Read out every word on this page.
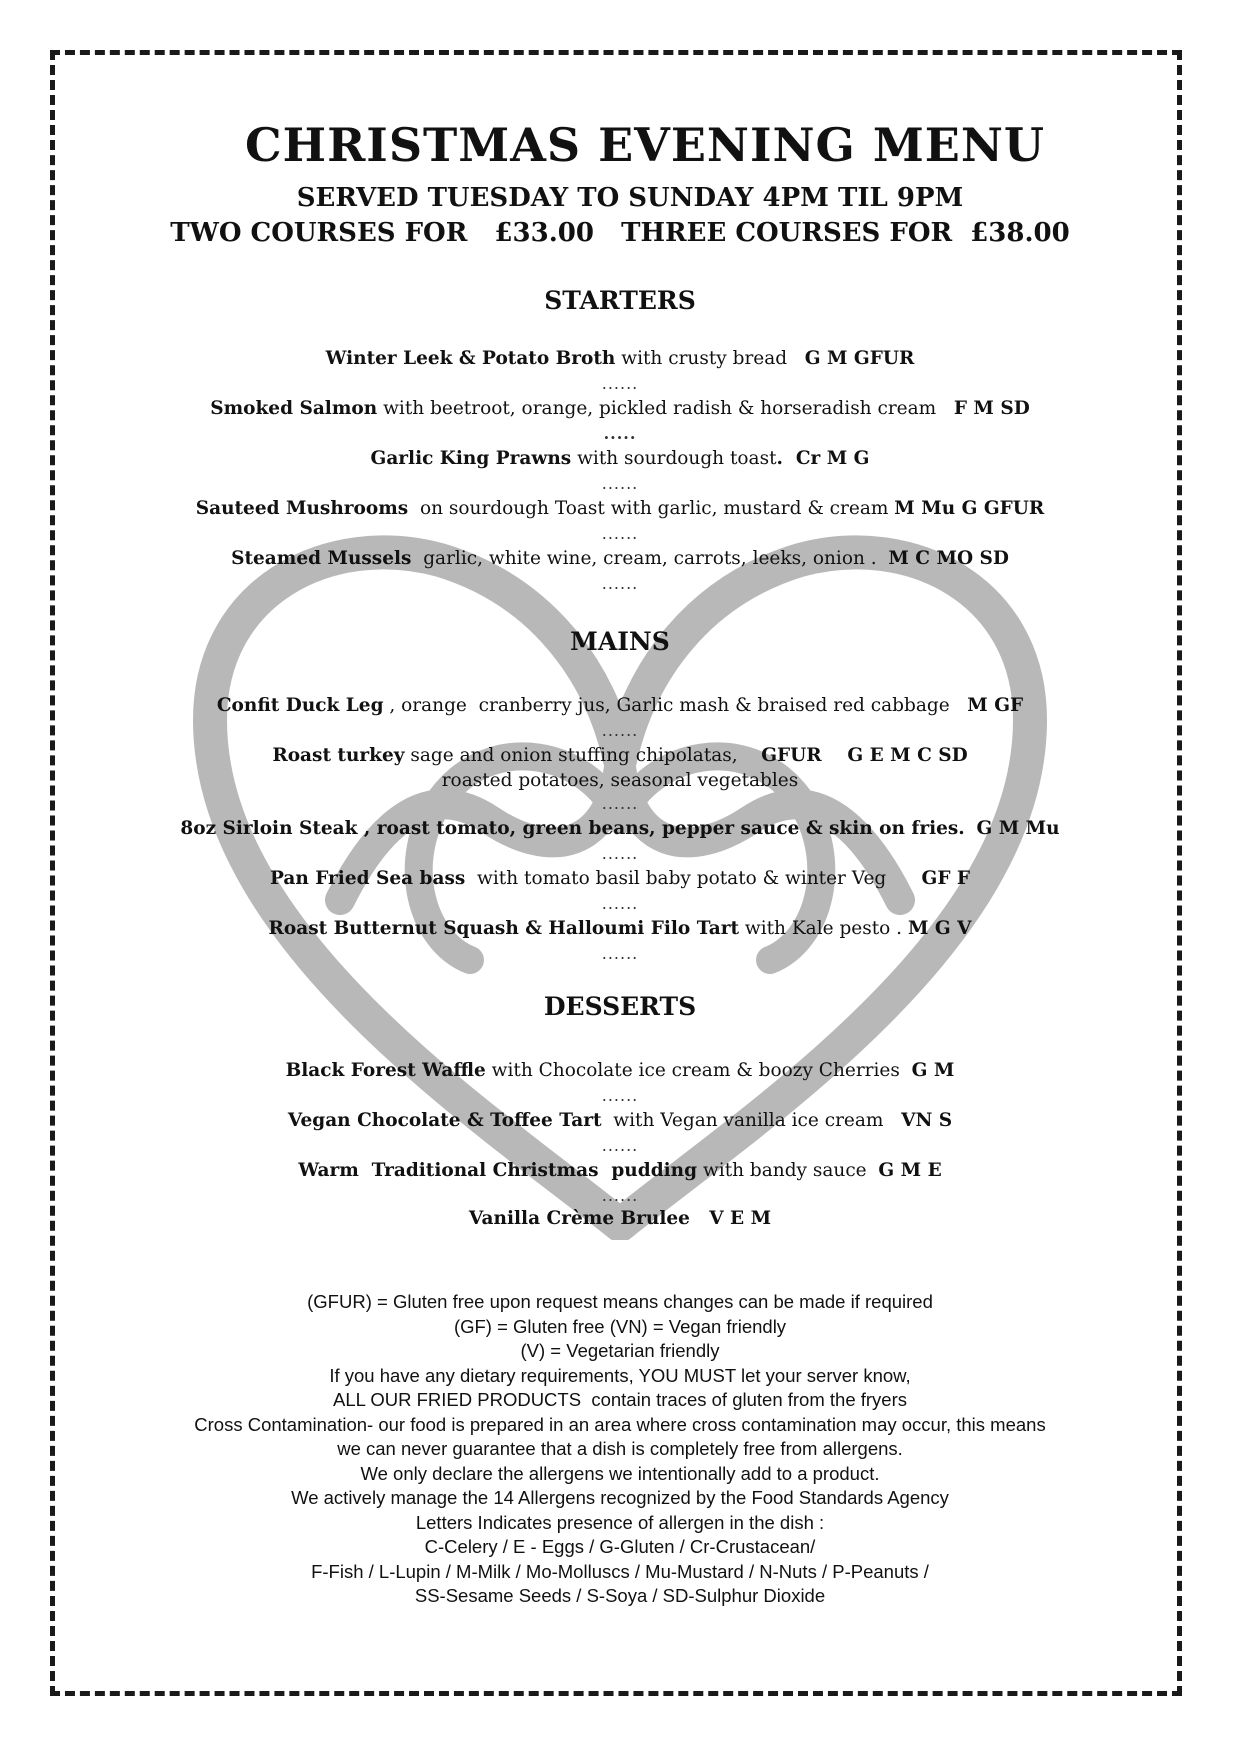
CHRISTMAS EVENING MENU
SERVED TUESDAY TO SUNDAY 4PM TIL 9PM
TWO COURSES FOR   £33.00   THREE COURSES FOR  £38.00
STARTERS
Winter Leek & Potato Broth with crusty bread   G M GFUR
......
Smoked Salmon with beetroot, orange, pickled radish & horseradish cream   F M SD
.....
Garlic King Prawns with sourdough toast.  Cr M G
......
Sauteed Mushrooms  on sourdough Toast with garlic, mustard & cream M Mu G GFUR
......
Steamed Mussels  garlic, white wine, cream, carrots, leeks, onion .  M C MO SD
......
MAINS
Confit Duck Leg , orange  cranberry jus, Garlic mash & braised red cabbage   M GF
......
Roast turkey sage and onion stuffing chipolatas,    GFUR    G E M C SD
roasted potatoes, seasonal vegetables
......
8oz Sirloin Steak , roast tomato, green beans, pepper sauce & skin on fries. G M Mu
......
Pan Fried Sea bass  with tomato basil baby potato & winter Veg      GF F
......
Roast Butternut Squash & Halloumi Filo Tart with Kale pesto . M G V
......
DESSERTS
Black Forest Waffle with Chocolate ice cream & boozy Cherries  G M
......
Vegan Chocolate & Toffee Tart  with Vegan vanilla ice cream   VN S
......
Warm  Traditional Christmas  pudding with bandy sauce  G M E
......
Vanilla Crème Brulee   V E M
(GFUR) = Gluten free upon request means changes can be made if required
(GF) = Gluten free (VN) = Vegan friendly
(V) = Vegetarian friendly
If you have any dietary requirements, YOU MUST let your server know,
ALL OUR FRIED PRODUCTS  contain traces of gluten from the fryers
Cross Contamination- our food is prepared in an area where cross contamination may occur, this means
we can never guarantee that a dish is completely free from allergens.
We only declare the allergens we intentionally add to a product.
We actively manage the 14 Allergens recognized by the Food Standards Agency
Letters Indicates presence of allergen in the dish :
C-Celery / E - Eggs / G-Gluten / Cr-Crustacean/
F-Fish / L-Lupin / M-Milk / Mo-Molluscs / Mu-Mustard / N-Nuts / P-Peanuts /
SS-Sesame Seeds / S-Soya / SD-Sulphur Dioxide
